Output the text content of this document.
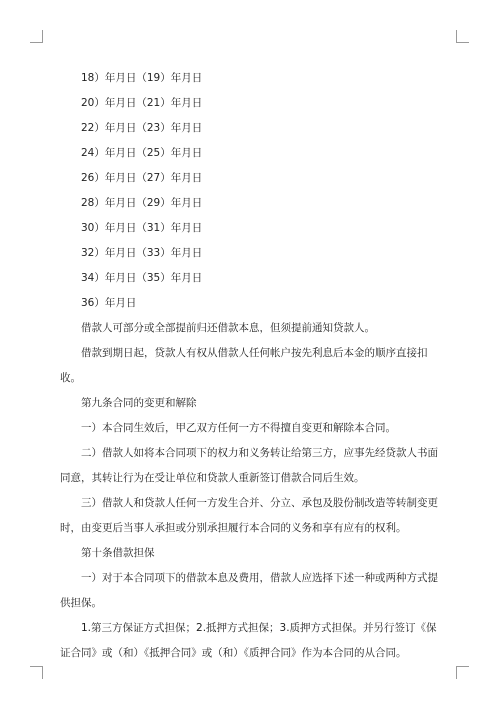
18）年月日（19）年月日

20）年月日（21）年月日

22）年月日（23）年月日

24）年月日（25）年月日

26）年月日（27）年月日

28）年月日（29）年月日

30）年月日（31）年月日

32）年月日（33）年月日

34）年月日（35）年月日

36）年月日

借款人可部分或全部提前归还借款本息，但须提前通知贷款人。

借款到期日起，贷款人有权从借款人任何帐户按先利息后本金的顺序直接扣收。

第九条合同的变更和解除

一）本合同生效后，甲乙双方任何一方不得擅自变更和解除本合同。

二）借款人如将本合同项下的权力和义务转让给第三方，应事先经贷款人书面同意，其转让行为在受让单位和贷款人重新签订借款合同后生效。

三）借款人和贷款人任何一方发生合并、分立、承包及股份制改造等转制变更时，由变更后当事人承担或分别承担履行本合同的义务和享有应有的权利。

第十条借款担保

一）对于本合同项下的借款本息及费用，借款人应选择下述一种或两种方式提供担保。

1.第三方保证方式担保；2.抵押方式担保；3.质押方式担保。并另行签订《保证合同》或（和）《抵押合同》或（和）《质押合同》作为本合同的从合同。
